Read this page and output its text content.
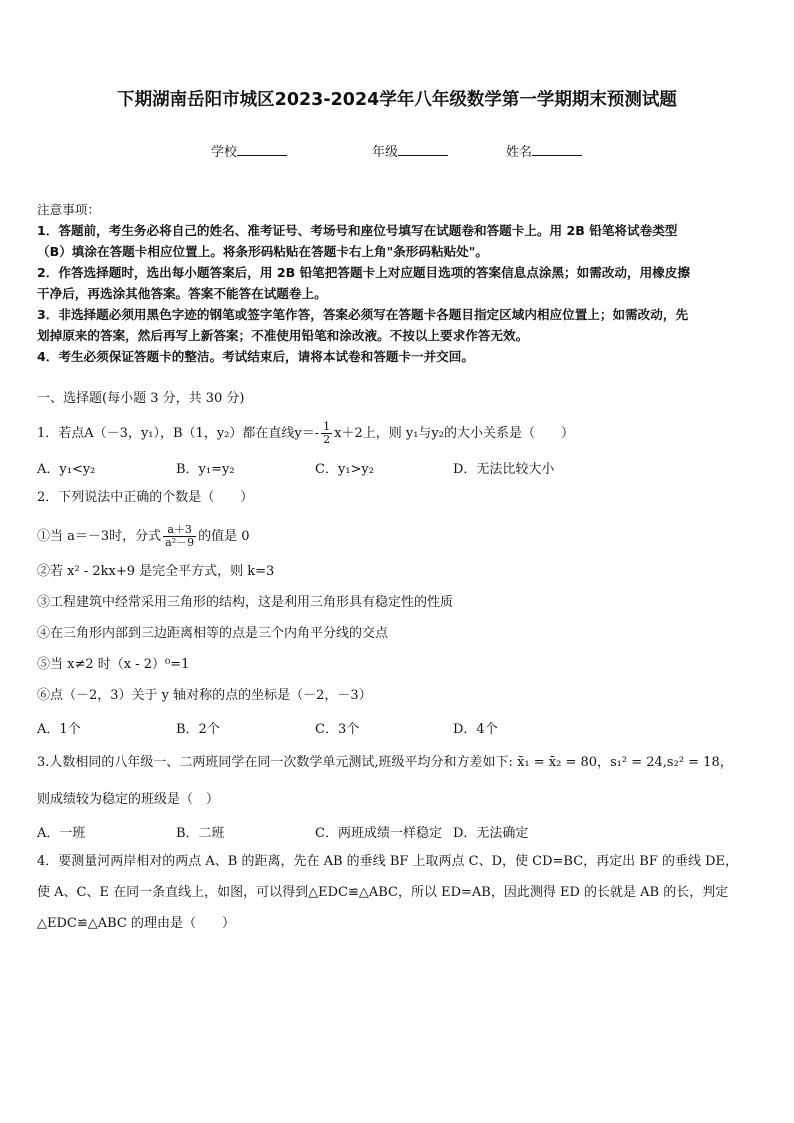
下期湖南岳阳市城区2023-2024学年八年级数学第一学期期末预测试题
学校	年级	姓名
注意事项：
1．答题前，考生务必将自己的姓名、准考证号、考场号和座位号填写在试题卷和答题卡上。用 2B 铅笔将试卷类型
（B）填涂在答题卡相应位置上。将条形码粘贴在答题卡右上角"条形码粘贴处"。
2．作答选择题时，选出每小题答案后，用 2B 铅笔把答题卡上对应题目选项的答案信息点涂黑；如需改动，用橡皮擦
干净后，再选涂其他答案。答案不能答在试题卷上。
3．非选择题必须用黑色字迹的钢笔或签字笔作答，答案必须写在答题卡各题目指定区域内相应位置上；如需改动，先
划掉原来的答案，然后再写上新答案；不准使用铅笔和涂改液。不按以上要求作答无效。
4．考生必须保证答题卡的整洁。考试结束后，请将本试卷和答题卡一并交回。
一、选择题(每小题 3 分，共 30 分)
1．若点A（－3，y₁），B（1，y₂）都在直线$y=- \frac{1}{2} x+2$上，则 y₁与y₂的大小关系是（　　）
A．y₁<y₂	B．y₁=y₂	C．y₁>y₂	D．无法比较大小
2．下列说法中正确的个数是（　　）
①当 a＝－3时，分式 $\frac{a+3}{\text{a²－9}}$ 的值是 0
②若 x² - 2kx+9 是完全平方式，则 k=3
③工程建筑中经常采用三角形的结构，这是利用三角形具有稳定性的性质
④在三角形内部到三边距离相等的点是三个内角平分线的交点
⑤当 x≠2 时（x - 2）⁰=1
⑥点（－2，3）关于 y 轴对称的点的坐标是（－2，－3）
A．1个	B．2个	C．3个	D．4个
3.人数相同的八年级一、二两班同学在同一次数学单元测试,班级平均分和方差如下: x̄₁ = x̄₂ = 80，s₁² = 24,s₂² = 18，
则成绩较为稳定的班级是（　）
A．一班	B．二班	C．两班成绩一样稳定 D．无法确定
4．要测量河两岸相对的两点 A、B 的距离，先在 AB 的垂线 BF 上取两点 C、D，使 CD=BC，再定出 BF 的垂线 DE，
使 A、C、E 在同一条直线上，如图，可以得到△EDC≌△ABC，所以 ED=AB，因此测得 ED 的长就是 AB 的长，判定
△EDC≌△ABC 的理由是（　　）
